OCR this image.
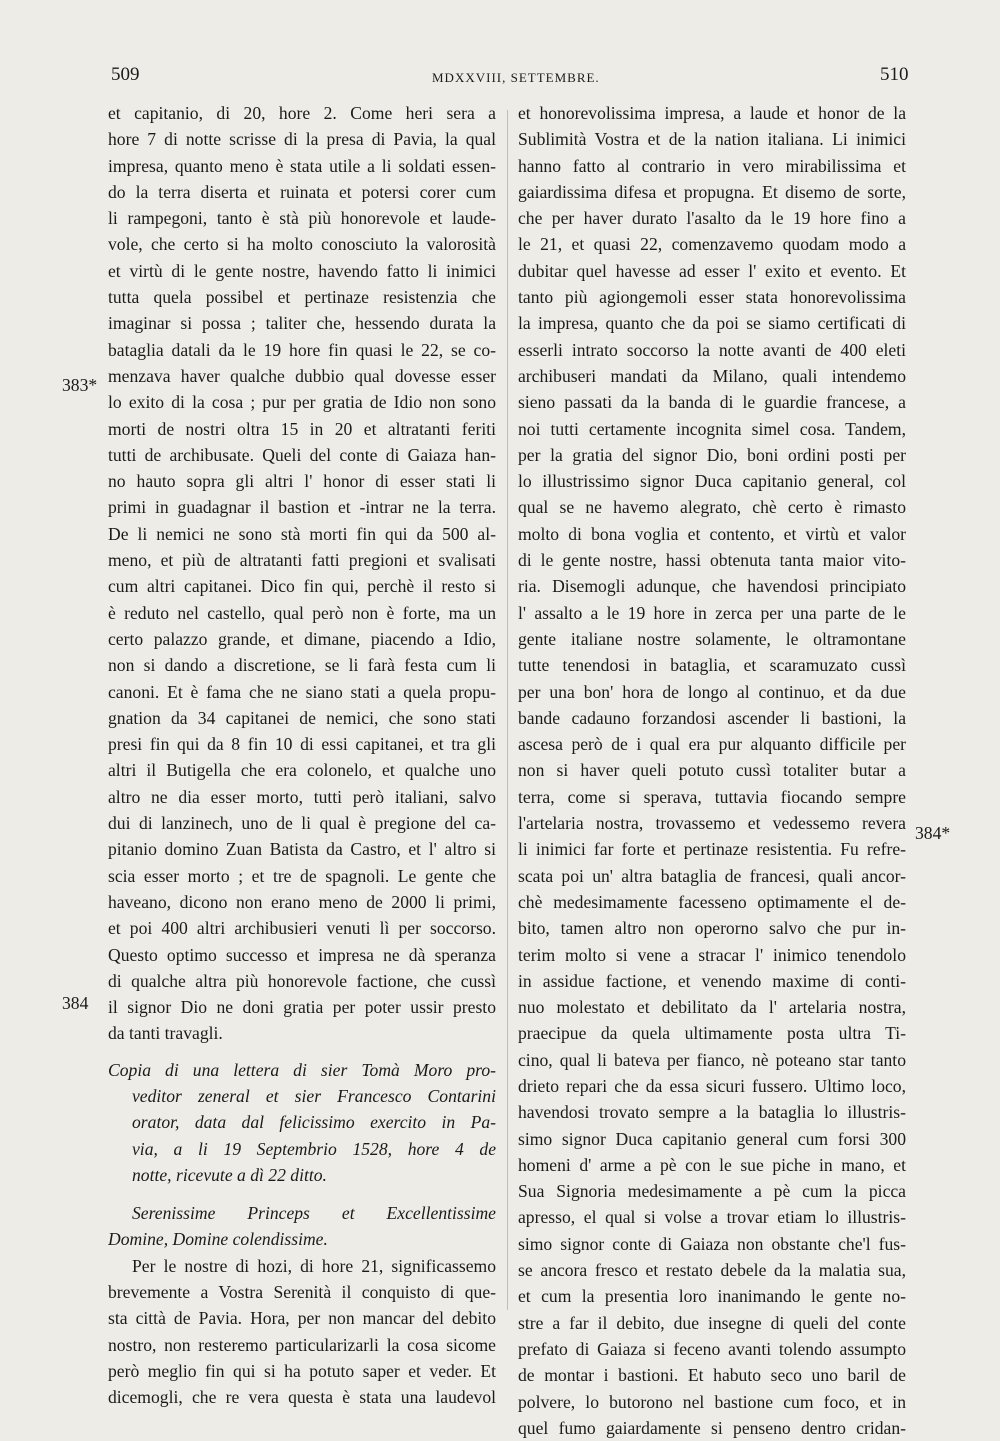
509	MDXXVIII, SETTEMBRE.	510
383*
384
384*
et capitanio, di 20, hore 2. Come heri sera a
hore 7 di notte scrisse di la presa di Pavia, la qual
impresa, quanto meno è stata utile a li soldati essen-
do la terra diserta et ruinata et potersi corer cum
li rampegoni, tanto è stà più honorevole et laude-
vole, che certo si ha molto conosciuto la valorosità
et virtù di le gente nostre, havendo fatto li inimici
tutta quela possibel et pertinaze resistenzia che
imaginar si possa ; taliter che, hessendo durata la
bataglia datali da le 19 hore fin quasi le 22, se co-
menzava haver qualche dubbio qual dovesse esser
lo exito di la cosa ; pur per gratia de Idio non sono
morti de nostri oltra 15 in 20 et altratanti feriti
tutti de archibusate. Queli del conte di Gaiaza han-
no hauto sopra gli altri l' honor di esser stati li
primi in guadagnar il bastion et -intrar ne la terra.
De li nemici ne sono stà morti fin qui da 500 al-
meno, et più de altratanti fatti pregioni et svalisati
cum altri capitanei. Dico fin qui, perchè il resto si
è reduto nel castello, qual però non è forte, ma un
certo palazzo grande, et dimane, piacendo a Idio,
non si dando a discretione, se li farà festa cum li
canoni. Et è fama che ne siano stati a quela propu-
gnation da 34 capitanei de nemici, che sono stati
presi fin qui da 8 fin 10 di essi capitanei, et tra gli
altri il Butigella che era colonelo, et qualche uno
altro ne dia esser morto, tutti però italiani, salvo
dui di lanzinech, uno de li qual è pregione del ca-
pitanio domino Zuan Batista da Castro, et l' altro si
scia esser morto ; et tre de spagnoli. Le gente che
haveano, dicono non erano meno de 2000 li primi,
et poi 400 altri archibusieri venuti lì per soccorso.
Questo optimo successo et impresa ne dà speranza
di qualche altra più honorevole factione, che cussì
il signor Dio ne doni gratia per poter ussir presto
da tanti travagli.
Copia di una lettera di sier Tomà Moro pro-
veditor zeneral et sier Francesco Contarini
orator, data dal felicissimo exercito in Pa-
via, a li 19 Septembrio 1528, hore 4 de
notte, ricevute a dì 22 ditto.
Serenissime Princeps et Excellentissime
Domine, Domine colendissime.
Per le nostre di hozi, di hore 21, significassemo
brevemente a Vostra Serenità il conquisto di que-
sta città de Pavia. Hora, per non mancar del debito
nostro, non resteremo particularizarli la cosa sicome
però meglio fin qui si ha potuto saper et veder. Et
dicemogli, che re vera questa è stata una laudevol
et honorevolissima impresa, a laude et honor de la
Sublimità Vostra et de la nation italiana. Li inimici
hanno fatto al contrario in vero mirabilissima et
gaiardissima difesa et propugna. Et disemo de sorte,
che per haver durato l'asalto da le 19 hore fino a
le 21, et quasi 22, comenzavemo quodam modo a
dubitar quel havesse ad esser l' exito et evento. Et
tanto più agiongemoli esser stata honorevolissima
la impresa, quanto che da poi se siamo certificati di
esserli intrato soccorso la notte avanti de 400 eleti
archibuseri mandati da Milano, quali intendemo
sieno passati da la banda di le guardie francese, a
noi tutti certamente incognita simel cosa. Tandem,
per la gratia del signor Dio, boni ordini posti per
lo illustrissimo signor Duca capitanio general, col
qual se ne havemo alegrato, chè certo è rimasto
molto di bona voglia et contento, et virtù et valor
di le gente nostre, hassi obtenuta tanta maior vito-
ria. Disemogli adunque, che havendosi principiato
l' assalto a le 19 hore in zerca per una parte de le
gente italiane nostre solamente, le oltramontane
tutte tenendosi in bataglia, et scaramuzato cussì
per una bon' hora de longo al continuo, et da due
bande cadauno forzandosi ascender li bastioni, la
ascesa però de i qual era pur alquanto difficile per
non si haver queli potuto cussì totaliter butar a
terra, come si sperava, tuttavia fiocando sempre
l'artelaria nostra, trovassemo et vedessemo revera
li inimici far forte et pertinaze resistentia. Fu refre-
scata poi un' altra bataglia de francesi, quali ancor-
chè medesimamente facesseno optimamente el de-
bito, tamen altro non operorno salvo che pur in-
terim molto si vene a stracar l' inimico tenendolo
in assidue factione, et venendo maxime di conti-
nuo molestato et debilitato da l' artelaria nostra,
praecipue da quela ultimamente posta ultra Ti-
cino, qual li bateva per fianco, nè poteano star tanto
drieto repari che da essa sicuri fussero. Ultimo loco,
havendosi trovato sempre a la bataglia lo illustris-
simo signor Duca capitanio general cum forsi 300
homeni d' arme a pè con le sue piche in mano, et
Sua Signoria medesimamente a pè cum la picca
apresso, el qual si volse a trovar etiam lo illustris-
simo signor conte di Gaiaza non obstante che'l fus-
se ancora fresco et restato debele da la malatia sua,
et cum la presentia loro inanimando le gente no-
stre a far il debito, due insegne di queli del conte
prefato di Gaiaza si feceno avanti tolendo assumpto
de montar i bastioni. Et habuto seco uno baril de
polvere, lo butorono nel bastione cum foco, et in
quel fumo gaiardamente si penseno dentro cridan-
